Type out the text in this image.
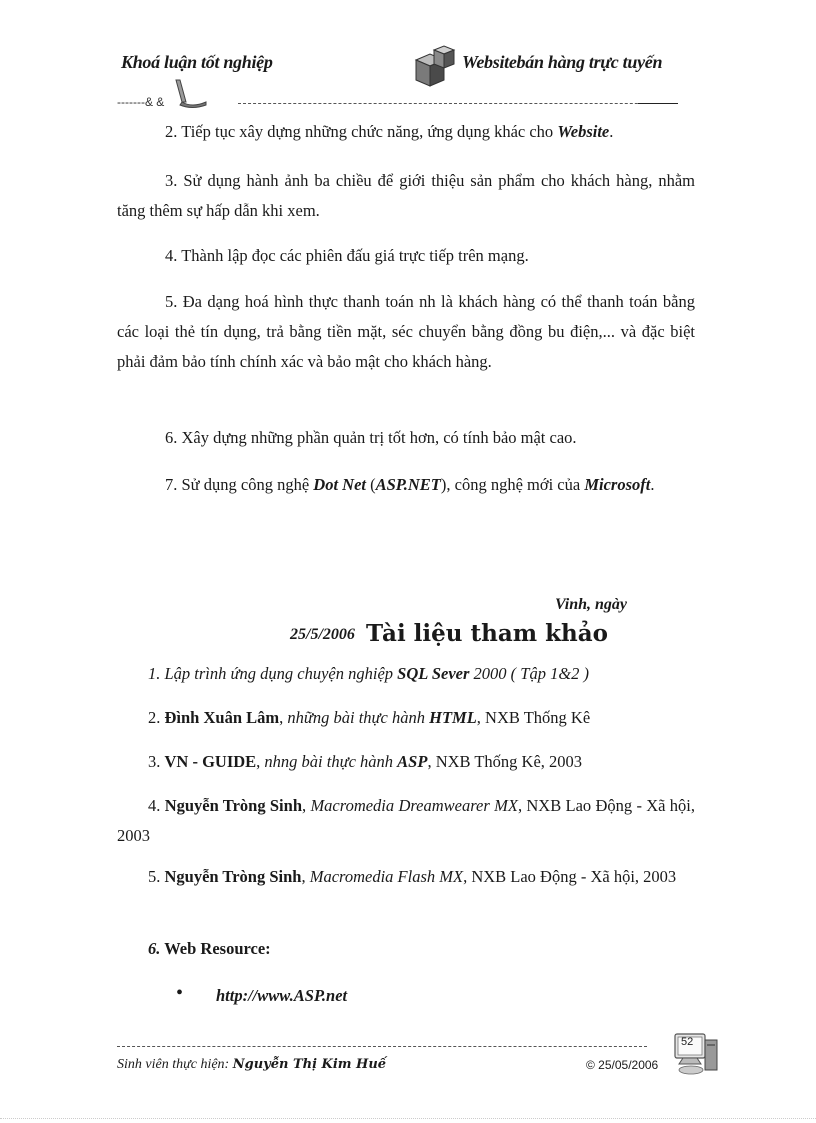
Khoá luận tốt nghiệp	Websitebán hàng trực tuyến
-------& &
2. Tiếp tục xây dựng những chức năng, ứng dụng khác cho Website.
3. Sử dụng hành ảnh ba chiều để giới thiệu sản phẩm cho khách hàng, nhằm tăng thêm sự hấp dẫn khi xem.
4. Thành lập đọc các phiên đấu giá trực tiếp trên mạng.
5. Đa dạng hoá hình thực thanh toán nh là khách hàng có thể thanh toán bằng các loại thẻ tín dụng, trả bằng tiền mặt, séc chuyển bằng đồng bu điện,... và đặc biệt phải đảm bảo tính chính xác và bảo mật cho khách hàng.
6. Xây dựng những phần quản trị tốt hơn, có tính bảo mật cao.
7. Sử dụng công nghệ Dot Net (ASP.NET), công nghệ mới của Microsoft.
Vinh, ngày
25/5/2006 Tài liệu tham khảo
1. Lập trình ứng dụng chuyện nghiệp SQL Sever 2000 ( Tập 1&2 )
2. Đình Xuân Lâm, những bài thực hành HTML, NXB Thống Kê
3. VN - GUIDE, nhng bài thực hành ASP, NXB Thống Kê, 2003
4. Nguyễn Tròng Sinh, Macromedia Dreamwearer MX, NXB Lao Động - Xã hội, 2003
5. Nguyễn Tròng Sinh, Macromedia Flash MX, NXB Lao Động - Xã hội, 2003
6. Web Resource:
• http://www.ASP.net
Sinh viên thực hiện: Nguyễn Thị Kim Huế	© 25/05/2006
52
